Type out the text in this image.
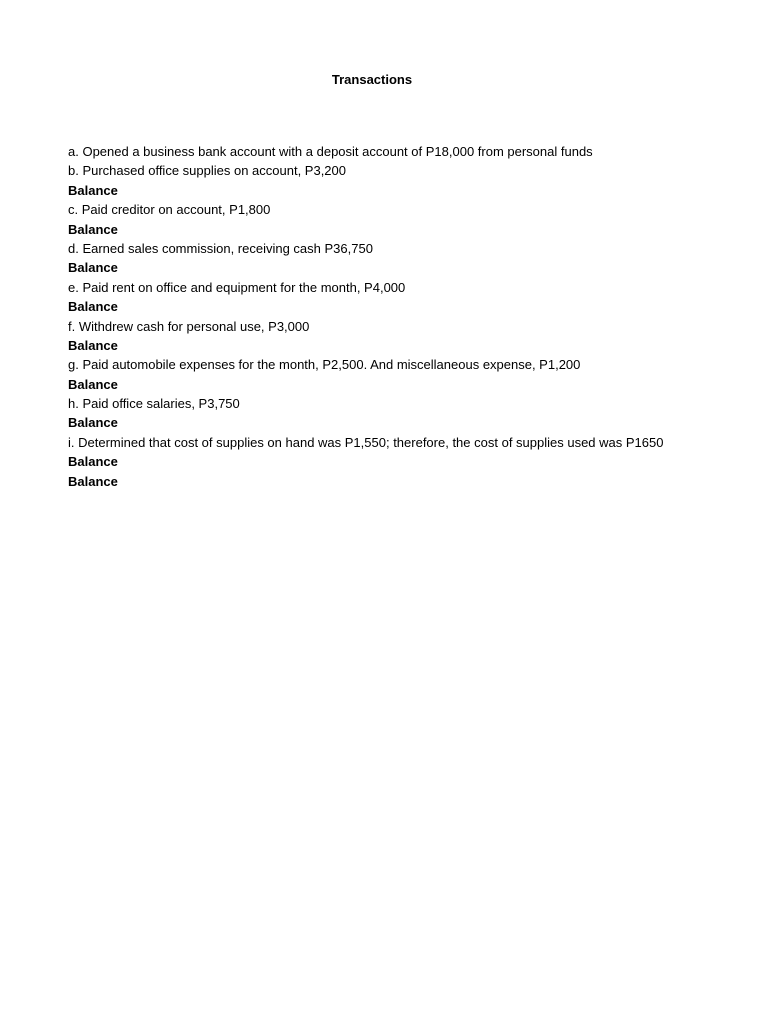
Transactions
a. Opened a business bank account with a deposit account of P18,000 from personal funds
b. Purchased office supplies on account, P3,200
Balance
c. Paid creditor on account, P1,800
Balance
d. Earned sales commission, receiving cash P36,750
Balance
e. Paid rent on office and equipment for the month, P4,000
Balance
f. Withdrew cash for personal use, P3,000
Balance
g. Paid automobile expenses for the month, P2,500. And miscellaneous expense, P1,200
Balance
h. Paid office salaries, P3,750
Balance
i. Determined that cost of supplies on hand was P1,550; therefore, the cost of supplies used was P1650
Balance
Balance
